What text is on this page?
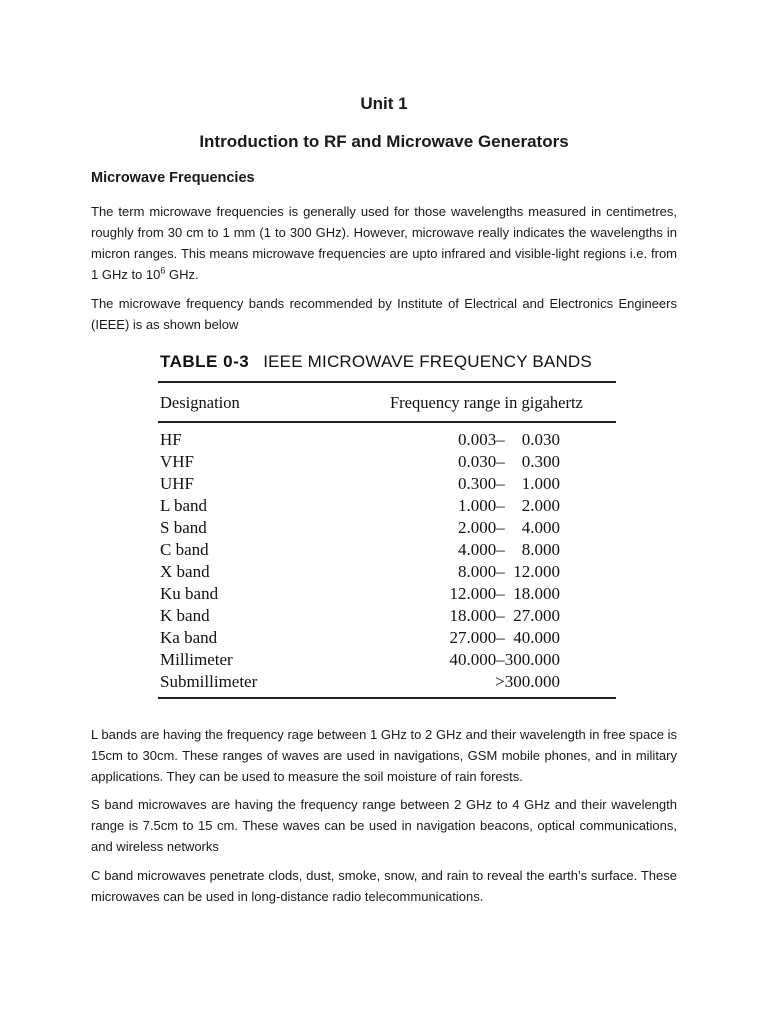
Unit 1
Introduction to RF and Microwave Generators
Microwave Frequencies
The term microwave frequencies is generally used for those wavelengths measured in centimetres, roughly from 30 cm to 1 mm (1 to 300 GHz). However, microwave really indicates the wavelengths in micron ranges. This means microwave frequencies are upto infrared and visible-light regions i.e. from 1 GHz to $10^6$ GHz.
The microwave frequency bands recommended by Institute of Electrical and Electronics Engineers (IEEE) is as shown below
TABLE 0-3 IEEE MICROWAVE FREQUENCY BANDS
Designation	Frequency range in gigahertz
HF	0.003–    0.030
VHF	0.030–    0.300
UHF	0.300–    1.000
L band	1.000–    2.000
S band	2.000–    4.000
C band	4.000–    8.000
X band	8.000–  12.000
Ku band	12.000–  18.000
K band	18.000–  27.000
Ka band	27.000–  40.000
Millimeter	40.000–300.000
Submillimeter	>300.000
L bands are having the frequency rage between 1 GHz to 2 GHz and their wavelength in free space is 15cm to 30cm. These ranges of waves are used in navigations, GSM mobile phones, and in military applications. They can be used to measure the soil moisture of rain forests.
S band microwaves are having the frequency range between 2 GHz to 4 GHz and their wavelength range is 7.5cm to 15 cm. These waves can be used in navigation beacons, optical communications, and wireless networks
C band microwaves penetrate clods, dust, smoke, snow, and rain to reveal the earth’s surface. These microwaves can be used in long-distance radio telecommunications.
